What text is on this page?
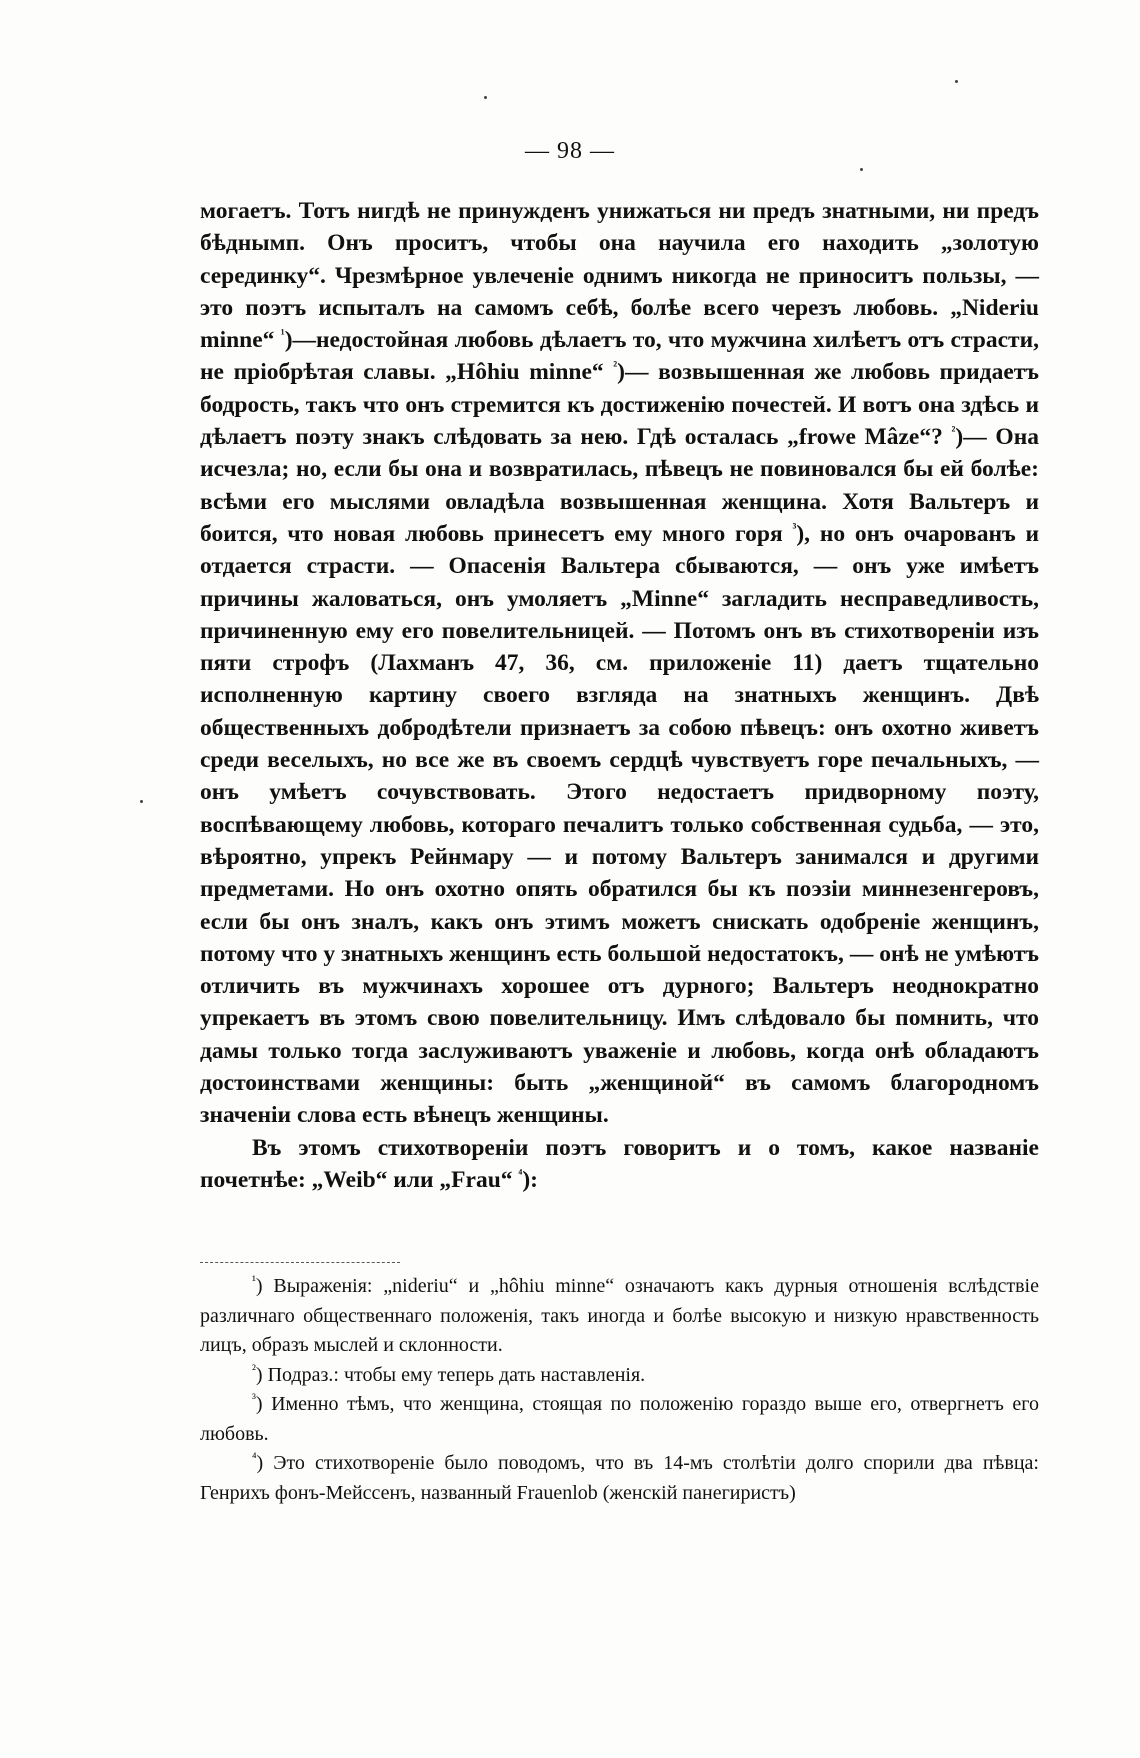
— 98 —

могаетъ. Тотъ нигдѣ не принужденъ унижаться ни предъ знатными, ни предъ бѣднымп. Онъ проситъ, чтобы она научила его находить „золотую серединку“. Чрезмѣрное увлеченіе однимъ никогда не приноситъ пользы, — это поэтъ испыталъ на самомъ себѣ, болѣе всего черезъ любовь. „Niderіu minne“ $^{^1}$)—недостойная любовь дѣлаетъ то, что мужчина хилѣетъ отъ страсти, не пріобрѣтая славы. „Hôhiu minne“ $^{^2}$)— возвышенная же любовь придаетъ бодрость, такъ что онъ стремится къ достиженію почестей. И вотъ она здѣсь и дѣлаетъ поэту знакъ слѣдовать за нею. Гдѣ осталась „frowe Mâze“? $^{^2}$)— Она исчезла; но, если бы она и возвратилась, пѣвецъ не повиновался бы ей болѣе: всѣми его мыслями овладѣла возвышенная женщина. Хотя Вальтеръ и боится, что новая любовь принесетъ ему много горя $^{^3}$), но онъ очарованъ и отдается страсти. — Опасенія Вальтера сбываются, — онъ уже имѣетъ причины жаловаться, онъ умоляетъ „Minne“ загладить несправедливость, причиненную ему его повелительницей. — Потомъ онъ въ стихотвореніи изъ пяти строфъ (Лахманъ 47, 36, см. приложеніе 11) даетъ тщательно исполненную картину своего взгляда на знатныхъ женщинъ. Двѣ общественныхъ добродѣтели признаетъ за собою пѣвецъ: онъ охотно живетъ среди веселыхъ, но все же въ своемъ сердцѣ чувствуетъ горе печальныхъ, — онъ умѣетъ сочувствовать. Этого недостаетъ придворному поэту, воспѣвающему любовь, котораго печалитъ только собственная судьба, — это, вѣроятно, упрекъ Рейнмару — и потому Вальтеръ занимался и другими предметами. Но онъ охотно опять обратился бы къ поэзіи миннезенгеровъ, если бы онъ зналъ, какъ онъ этимъ можетъ снискать одобреніе женщинъ, потому что у знатныхъ женщинъ есть большой недостатокъ, — онѣ не умѣютъ отличить въ мужчинахъ хорошее отъ дурного; Вальтеръ неоднократно упрекаетъ въ этомъ свою повелительницу. Имъ слѣдовало бы помнить, что дамы только тогда заслуживаютъ уваженіе и любовь, когда онѣ обладаютъ достоинствами женщины: быть „женщиной“ въ самомъ благородномъ значеніи слова есть вѣнецъ женщины.

Въ этомъ стихотвореніи поэтъ говоритъ и о томъ, какое названіе почетнѣе: „Weib“ или „Frau“ $^{^4}$):

$^{^1}$) Выраженія: „niderіu“ и „hôhiu minne“ означаютъ какъ дурныя отношенія вслѣдствіе различнаго общественнаго положенія, такъ иногда и болѣе высокую и низкую нравственность лицъ, образъ мыслей и склонности.

$^{^2}$) Подраз.: чтобы ему теперь дать наставленія.

$^{^3}$) Именно тѣмъ, что женщина, стоящая по положенію гораздо выше его, отвергнетъ его любовь.

$^{^4}$) Это стихотвореніе было поводомъ, что въ 14-мъ столѣтіи долго спорили два пѣвца: Генрихъ фонъ-Мейссенъ, названный Frauenlob (женскій панегиристъ)
